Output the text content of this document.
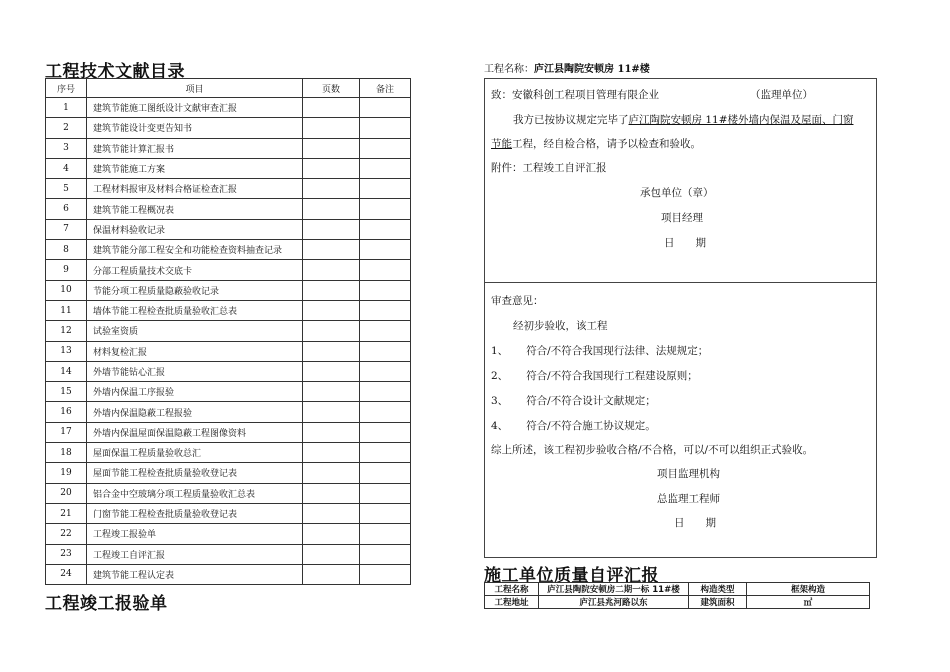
工程技术文献目录
序号	项目	页数	备注
1	建筑节能施工图纸设计文献审查汇报		
2	建筑节能设计变更告知书		
3	建筑节能计算汇报书		
4	建筑节能施工方案		
5	工程材料报审及材料合格证检查汇报		
6	建筑节能工程概况表		
7	保温材料验收记录		
8	建筑节能分部工程安全和功能检查资料抽查记录		
9	分部工程质量技术交底卡		
10	节能分项工程质量隐蔽验收记录		
11	墙体节能工程检查批质量验收汇总表		
12	试验室资质		
13	材料复检汇报		
14	外墙节能钻心汇报		
15	外墙内保温工序报验		
16	外墙内保温隐蔽工程报验		
17	外墙内保温屋面保温隐蔽工程图像资料		
18	屋面保温工程质量验收总汇		
19	屋面节能工程检查批质量验收登记表		
20	铝合金中空玻璃分项工程质量验收汇总表		
21	门窗节能工程检查批质量验收登记表		
22	工程竣工报验单		
23	工程竣工自评汇报		
24	建筑节能工程认定表		
工程竣工报验单
工程名称：庐江县陶院安顿房 11#楼
致：安徽科创工程项目管理有限企业	（监理单位）
我方已按协议规定完毕了庐江陶院安顿房 11#楼外墙内保温及屋面、门窗
节能工程，经自检合格，请予以检查和验收。
附件：工程竣工自评汇报
承包单位（章）
项目经理
日　　期
审查意见：
经初步验收，该工程
1、 符合/不符合我国现行法律、法规规定；
2、 符合/不符合我国现行工程建设原则；
3、 符合/不符合设计文献规定；
4、 符合/不符合施工协议规定。
综上所述，该工程初步验收合格/不合格，可以/不可以组织正式验收。
项目监理机构
总监理工程师
日　　期
施工单位质量自评汇报
工程名称	庐江县陶院安顿房二期一标 11#楼	构造类型	框架构造
工程地址	庐江县兆河路以东	建筑面积	㎡
